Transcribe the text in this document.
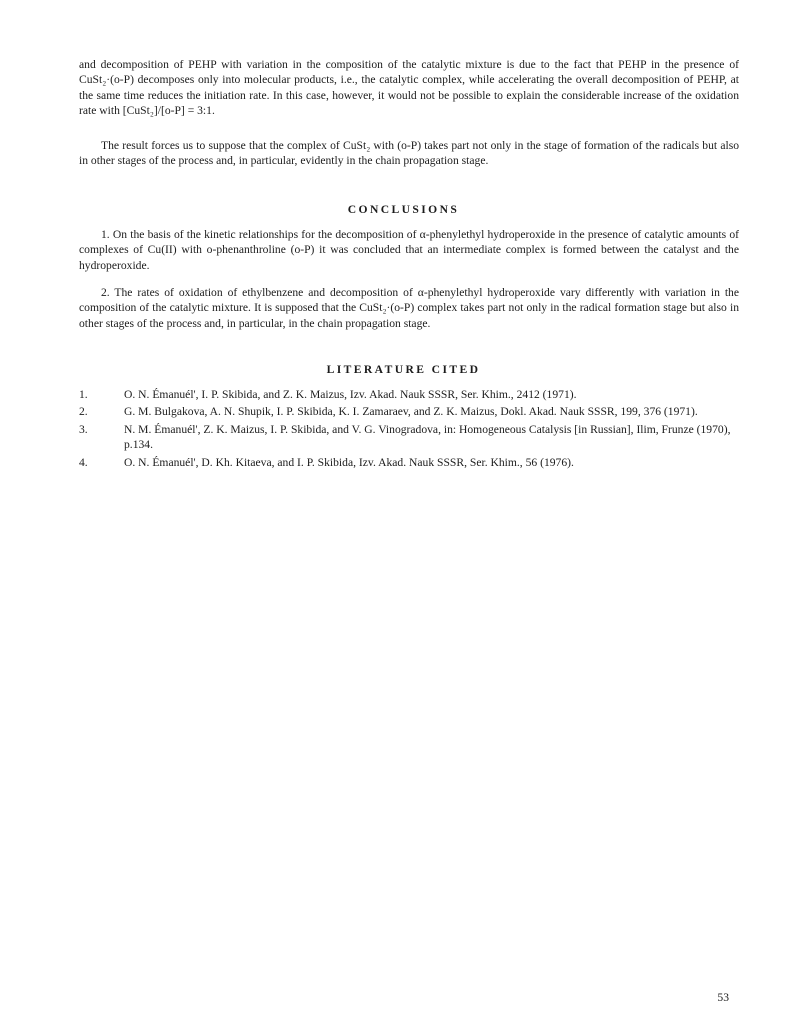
and decomposition of PEHP with variation in the composition of the catalytic mixture is due to the fact that PEHP in the presence of CuSt₂·(o-P) decomposes only into molecular products, i.e., the catalytic complex, while accelerating the overall decomposition of PEHP, at the same time reduces the initiation rate. In this case, however, it would not be possible to explain the considerable increase of the oxidation rate with [CuSt₂]/[o-P] = 3:1.

The result forces us to suppose that the complex of CuSt₂ with (o-P) takes part not only in the stage of formation of the radicals but also in other stages of the process and, in particular, evidently in the chain propagation stage.

CONCLUSIONS

1. On the basis of the kinetic relationships for the decomposition of α-phenylethyl hydroperoxide in the presence of catalytic amounts of complexes of Cu(II) with o-phenanthroline (o-P) it was concluded that an intermediate complex is formed between the catalyst and the hydroperoxide.

2. The rates of oxidation of ethylbenzene and decomposition of α-phenylethyl hydroperoxide vary differently with variation in the composition of the catalytic mixture. It is supposed that the CuSt₂·(o-P) complex takes part not only in the radical formation stage but also in other stages of the process and, in particular, in the chain propagation stage.

LITERATURE CITED
1.	O. N. Émanuél', I. P. Skibida, and Z. K. Maizus, Izv. Akad. Nauk SSSR, Ser. Khim., 2412 (1971).
2.	G. M. Bulgakova, A. N. Shupik, I. P. Skibida, K. I. Zamaraev, and Z. K. Maizus, Dokl. Akad. Nauk SSSR, 199, 376 (1971).
3.	N. M. Émanuél', Z. K. Maizus, I. P. Skibida, and V. G. Vinogradova, in: Homogeneous Catalysis [in Russian], Ilim, Frunze (1970), p.134.
4.	O. N. Émanuél', D. Kh. Kitaeva, and I. P. Skibida, Izv. Akad. Nauk SSSR, Ser. Khim., 56 (1976).
53
